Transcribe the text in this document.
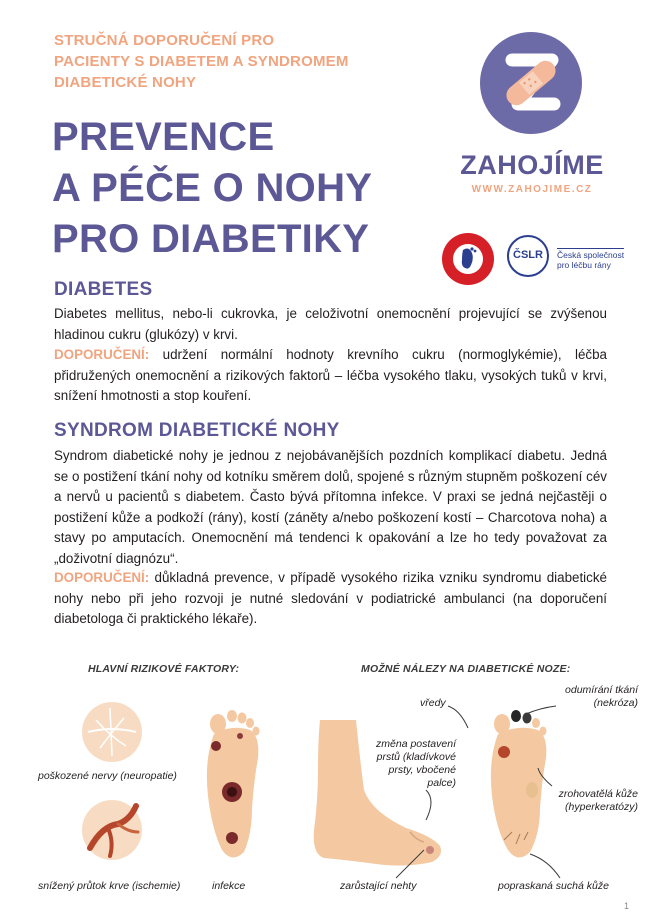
STRUČNÁ DOPORUČENÍ PRO
PACIENTY S DIABETEM A SYNDROMEM
DIABETICKÉ NOHY
PREVENCE
A PÉČE O NOHY
PRO DIABETIKY
ZAHOJÍME
WWW.ZAHOJIME.CZ
ČSLR	Česká společnost
pro léčbu rány
DIABETES
Diabetes mellitus, nebo-li cukrovka, je celoživotní onemocnění projevující se zvýšenou hladinou cukru (glukózy) v krvi.
DOPORUČENÍ: udržení normální hodnoty krevního cukru (normoglykémie), léčba přidružených onemocnění a rizikových faktorů – léčba vysokého tlaku, vysokých tuků v krvi, snížení hmotnosti a stop kouření.
SYNDROM DIABETICKÉ NOHY
Syndrom diabetické nohy je jednou z nejobávanějších pozdních komplikací diabetu. Jedná se o postižení tkání nohy od kotníku směrem dolů, spojené s různým stupněm poškození cév a nervů u pacientů s diabetem. Často bývá přítomna infekce. V praxi se jedná nejčastěji o postižení kůže a podkoží (rány), kostí (záněty a/nebo poškození kostí – Charcotova noha) a stavy po amputacích. Onemocnění má tendenci k opakování a lze ho tedy považovat za „doživotní diagnózu“.
DOPORUČENÍ: důkladná prevence, v případě vysokého rizika vzniku syndromu diabetické nohy nebo při jeho rozvoji je nutné sledování v podiatrické ambulanci (na doporučení diabetologa či praktického lékaře).
HLAVNÍ RIZIKOVÉ FAKTORY:
poškozené nervy (neuropatie)
snížený průtok krve (ischemie)	infekce
MOŽNÉ NÁLEZY NA DIABETICKÉ NOZE:
vředy
odumírání tkání
(nekróza)
změna postavení
prstů (kladívkové
prsty, vbočené
palce)
zrohovatělá kůže
(hyperkeratózy)
zarůstající nehty	popraskaná suchá kůže
1
